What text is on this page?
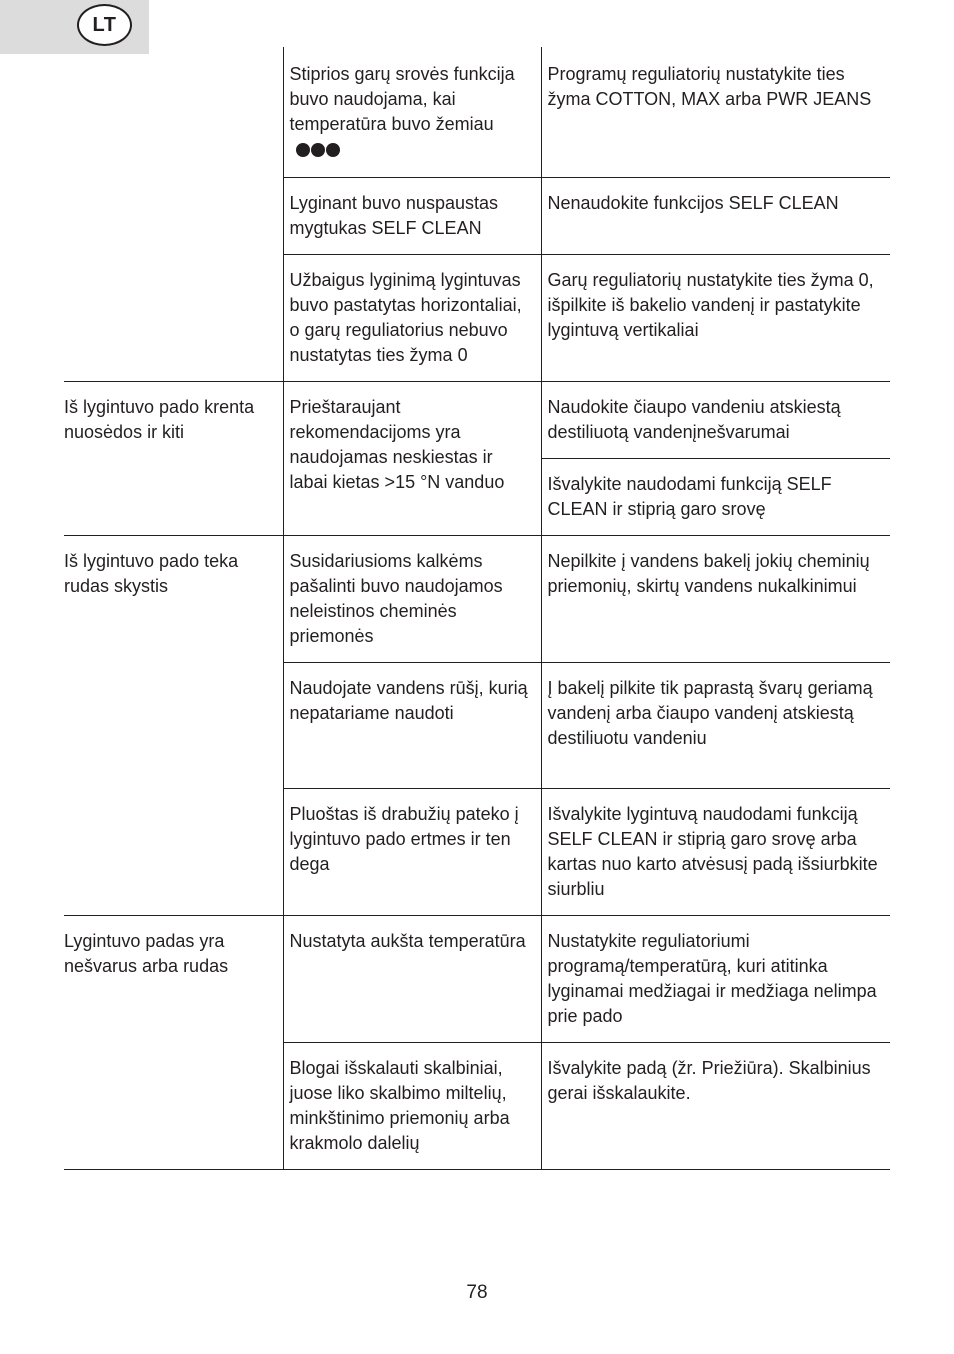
LT

	Stiprios garų srovės funkcija buvo naudojama, kai temperatūra buvo žemiau	Programų reguliatorių nustatykite ties žyma COTTON, MAX arba PWR JEANS

	Lyginant buvo nuspaustas mygtukas SELF CLEAN	Nenaudokite funkcijos SELF CLEAN

	Užbaigus lyginimą lygintuvas buvo pastatytas horizontaliai, o garų reguliatorius nebuvo nustatytas ties žyma 0	Garų reguliatorių nustatykite ties žyma 0, išpilkite iš bakelio vandenį ir pastatykite lygintuvą vertikaliai

Iš lygintuvo pado krenta nuosėdos ir kiti	Prieštaraujant rekomendacijoms yra naudojamas neskiestas ir labai kietas >15 °N vanduo	Naudokite čiaupo vandeniu atskiestą destiliuotą vandenįnešvarumai

		Išvalykite naudodami funkciją SELF CLEAN ir stiprią garo srovę

Iš lygintuvo pado teka rudas skystis	Susidariusioms kalkėms pašalinti buvo naudojamos neleistinos cheminės priemonės	Nepilkite į vandens bakelį jokių cheminių priemonių, skirtų vandens nukalkinimui

	Naudojate vandens rūšį, kurią nepatariame naudoti	Į bakelį pilkite tik paprastą švarų geriamą vandenį arba čiaupo vandenį atskiestą destiliuotu vandeniu

	Pluoštas iš drabužių pateko į lygintuvo pado ertmes ir ten dega	Išvalykite lygintuvą naudodami funkciją SELF CLEAN ir stiprią garo srovę arba kartas nuo karto atvėsusį padą išsiurbkite siurbliu

Lygintuvo padas yra nešvarus arba rudas	Nustatyta aukšta temperatūra	Nustatykite reguliatoriumi programą/temperatūrą, kuri atitinka lyginamai medžiagai ir medžiaga nelimpa prie pado

	Blogai išskalauti skalbiniai, juose liko skalbimo miltelių, minkštinimo priemonių arba krakmolo dalelių	Išvalykite padą (žr. Priežiūra). Skalbinius gerai išskalaukite.
78
